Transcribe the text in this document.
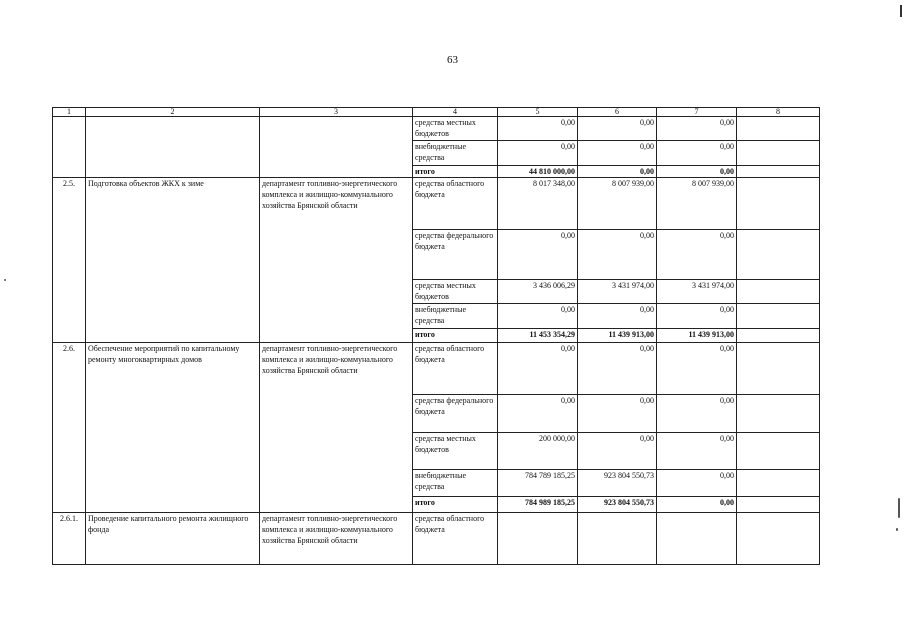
63
1	2	3	4	5	6	7	8
			средства местных бюджетов	0,00	0,00	0,00	
			внебюджетные средства	0,00	0,00	0,00	
			итого	44 810 000,00	0,00	0,00	
2.5.	Подготовка объектов ЖКХ к зиме	департамент топливно-энергетического комплекса и жилищно-коммунального хозяйства Брянской области	средства областного бюджета	8 017 348,00	8 007 939,00	8 007 939,00	
			средства федерального бюджета	0,00	0,00	0,00	
			средства местных бюджетов	3 436 006,29	3 431 974,00	3 431 974,00	
			внебюджетные средства	0,00	0,00	0,00	
			итого	11 453 354,29	11 439 913,00	11 439 913,00	
2.6.	Обеспечение мероприятий по капитальному ремонту многоквартирных домов	департамент топливно-энергетического комплекса и жилищно-коммунального хозяйства Брянской области	средства областного бюджета	0,00	0,00	0,00	
			средства федерального бюджета	0,00	0,00	0,00	
			средства местных бюджетов	200 000,00	0,00	0,00	
			внебюджетные средства	784 789 185,25	923 804 550,73	0,00	
			итого	784 989 185,25	923 804 550,73	0,00	
2.6.1.	Проведение капитального ремонта жилищного фонда	департамент топливно-энергетического комплекса и жилищно-коммунального хозяйства Брянской области	средства областного бюджета				
